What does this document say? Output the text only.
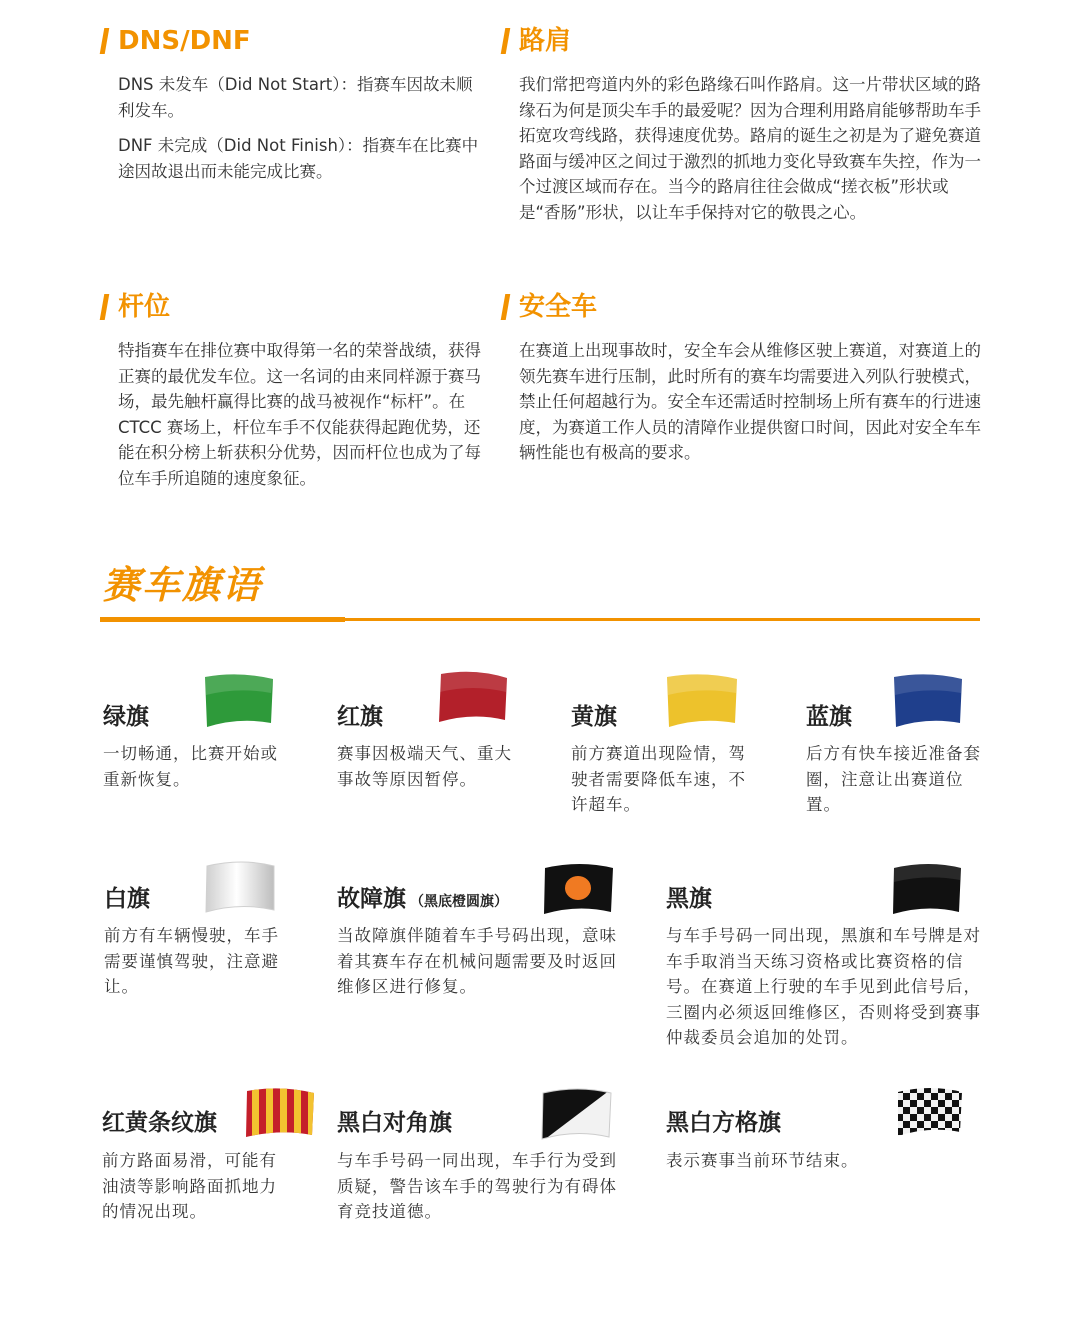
DNS/DNF

DNS 未发车（Did Not Start）：指赛车因故未顺利发车。

DNF 未完成（Did Not Finish）：指赛车在比赛中途因故退出而未能完成比赛。

路肩

我们常把弯道内外的彩色路缘石叫作路肩。这一片带状区域的路缘石为何是顶尖车手的最爱呢？因为合理利用路肩能够帮助车手拓宽攻弯线路，获得速度优势。路肩的诞生之初是为了避免赛道路面与缓冲区之间过于激烈的抓地力变化导致赛车失控，作为一个过渡区域而存在。当今的路肩往往会做成“搓衣板”形状或是“香肠”形状，以让车手保持对它的敬畏之心。

杆位

特指赛车在排位赛中取得第一名的荣誉战绩，获得正赛的最优发车位。这一名词的由来同样源于赛马场，最先触杆赢得比赛的战马被视作“标杆”。在 CTCC 赛场上，杆位车手不仅能获得起跑优势，还能在积分榜上斩获积分优势，因而杆位也成为了每位车手所追随的速度象征。

安全车

在赛道上出现事故时，安全车会从维修区驶上赛道，对赛道上的领先赛车进行压制，此时所有的赛车均需要进入列队行驶模式，禁止任何超越行为。安全车还需适时控制场上所有赛车的行进速度，为赛道工作人员的清障作业提供窗口时间，因此对安全车车辆性能也有极高的要求。

赛车旗语
绿旗
一切畅通，比赛开始或重新恢复。
红旗
赛事因极端天气、重大事故等原因暂停。
黄旗
前方赛道出现险情，驾驶者需要降低车速，不许超车。
蓝旗
后方有快车接近准备套圈，注意让出赛道位置。
白旗
前方有车辆慢驶，车手需要谨慎驾驶，注意避让。
故障旗 （黑底橙圆旗）
当故障旗伴随着车手号码出现，意味着其赛车存在机械问题需要及时返回维修区进行修复。
黑旗
与车手号码一同出现，黑旗和车号牌是对车手取消当天练习资格或比赛资格的信号。在赛道上行驶的车手见到此信号后，三圈内必须返回维修区，否则将受到赛事仲裁委员会追加的处罚。
红黄条纹旗
前方路面易滑，可能有油渍等影响路面抓地力的情况出现。
黑白对角旗
与车手号码一同出现，车手行为受到质疑，警告该车手的驾驶行为有碍体育竞技道德。
黑白方格旗
表示赛事当前环节结束。
